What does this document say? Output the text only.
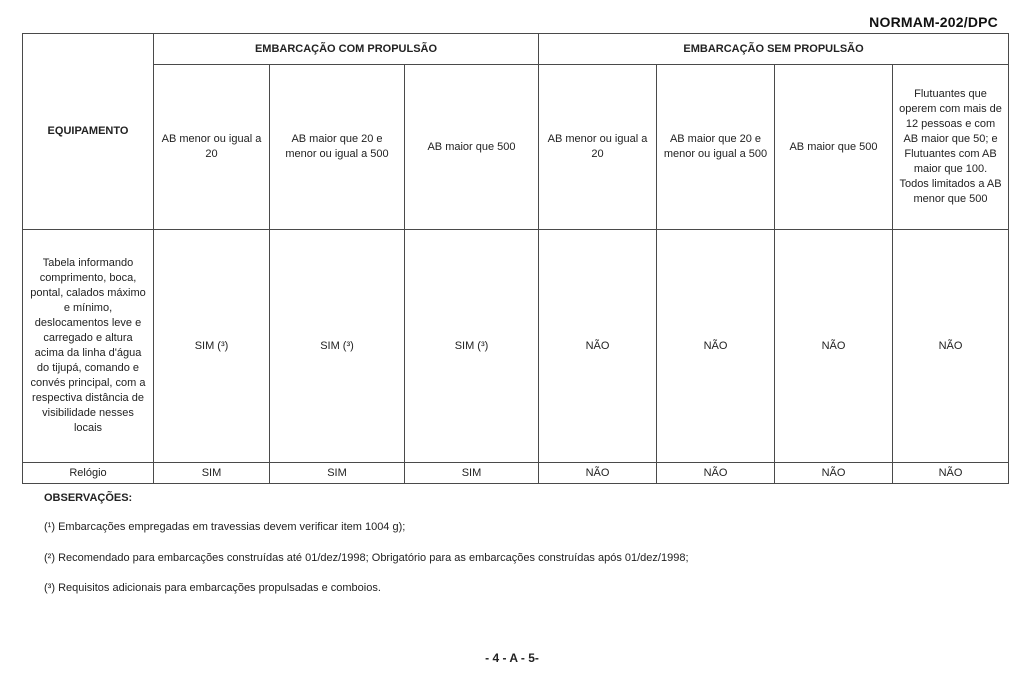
NORMAM-202/DPC
EQUIPAMENTO	EMBARCAÇÃO COM PROPULSÃO			EMBARCAÇÃO SEM PROPULSÃO			
	AB menor ou igual a 20	AB maior que 20 e menor ou igual a 500	AB maior que 500	AB menor ou igual a 20	AB maior que 20 e menor ou igual a 500	AB maior que 500	Flutuantes que operem com mais de 12 pessoas e com AB maior que 50; e Flutuantes com AB maior que 100. Todos limitados a AB menor que 500
Tabela informando comprimento, boca, pontal, calados máximo e mínimo, deslocamentos leve e carregado e altura acima da linha d'água do tijupá, comando e convés principal, com a respectiva distância de visibilidade nesses locais	SIM (³)	SIM (³)	SIM (³)	NÃO	NÃO	NÃO	NÃO
Relógio	SIM	SIM	SIM	NÃO	NÃO	NÃO	NÃO
OBSERVAÇÕES:
(¹) Embarcações empregadas em travessias devem verificar item 1004 g);
(²) Recomendado para embarcações construídas até 01/dez/1998; Obrigatório para as embarcações construídas após 01/dez/1998;
(³) Requisitos adicionais para embarcações propulsadas e comboios.
- 4 - A - 5-
